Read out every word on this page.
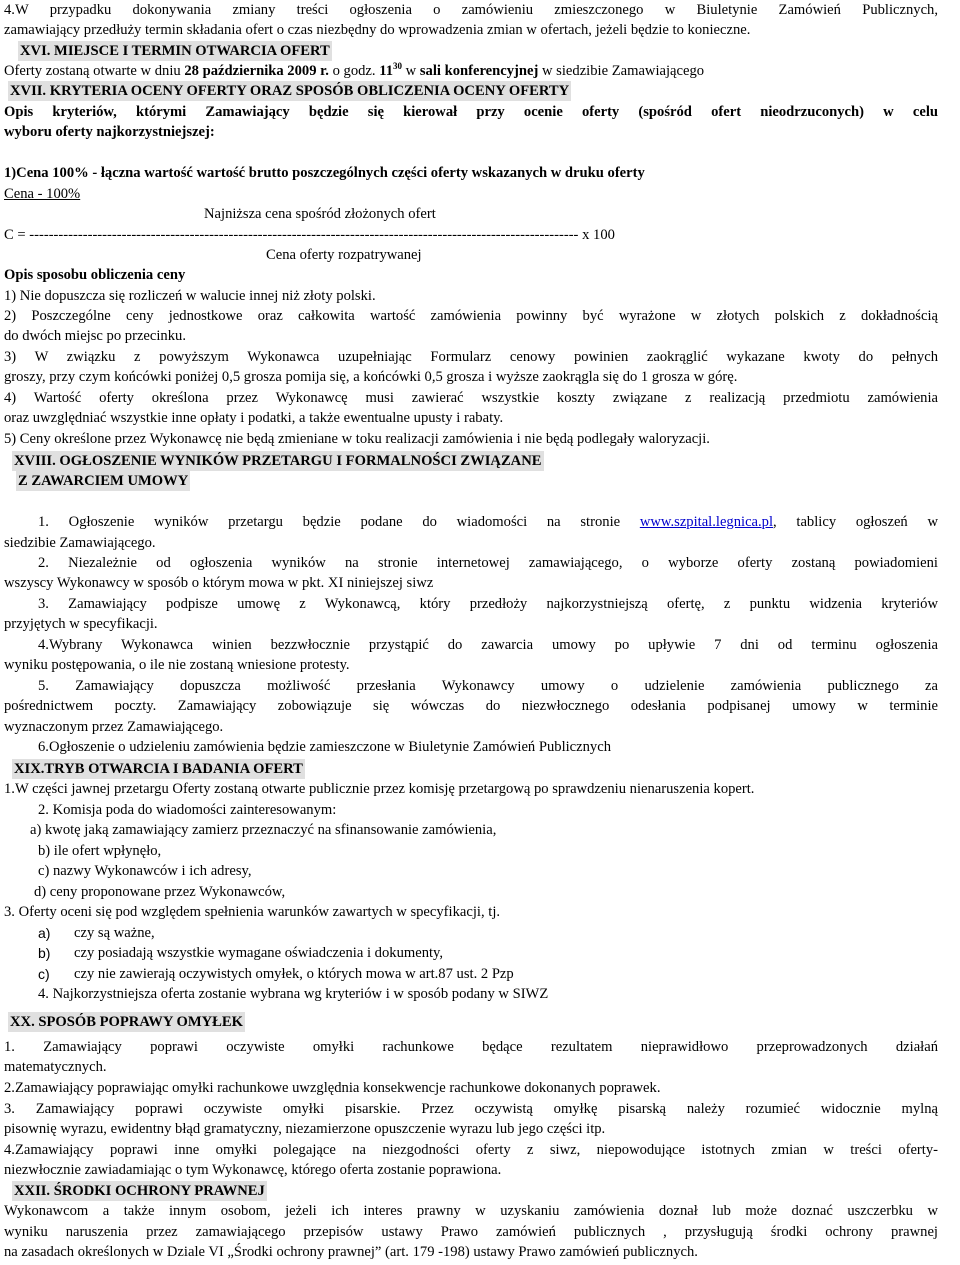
4.W przypadku dokonywania zmiany treści ogłoszenia o zamówieniu zmieszczonego w Biuletynie Zamówień Publicznych,
zamawiający przedłuży termin składania ofert o czas niezbędny do wprowadzenia zmian w ofertach, jeżeli będzie to konieczne.
XVI. MIEJSCE I TERMIN OTWARCIA OFERT
Oferty zostaną otwarte w dniu 28 października 2009 r. o godz. $11^{30}$ w sali konferencyjnej w siedzibie Zamawiającego
XVII. KRYTERIA OCENY OFERTY ORAZ SPOSÓB OBLICZENIA OCENY OFERTY
Opis kryteriów, którymi Zamawiający będzie się kierował przy ocenie oferty (spośród ofert nieodrzuconych) w celu
wyboru oferty najkorzystniejszej:
1)Cena 100% - łączna wartość wartość brutto poszczególnych części oferty wskazanych w druku oferty
Cena - 100%
Najniższa cena spośród złożonych ofert
C = ----------------------------------------------------------------------------------------------------------------- x 100
Cena oferty rozpatrywanej
Opis sposobu obliczenia ceny
1) Nie dopuszcza się rozliczeń w walucie innej niż złoty polski.
2) Poszczególne ceny jednostkowe oraz całkowita wartość zamówienia powinny być wyrażone w złotych polskich z dokładnością
do dwóch miejsc po przecinku.
3) W związku z powyższym Wykonawca uzupełniając Formularz cenowy powinien zaokrąglić wykazane kwoty do pełnych
groszy, przy czym końcówki poniżej 0,5 grosza pomija się, a końcówki 0,5 grosza i wyższe zaokrągla się do 1 grosza w górę.
4) Wartość oferty określona przez Wykonawcę musi zawierać wszystkie koszty związane z realizacją przedmiotu zamówienia
oraz uwzględniać wszystkie inne opłaty i podatki, a także ewentualne upusty i rabaty.
5) Ceny określone przez Wykonawcę nie będą zmieniane w toku realizacji zamówienia i nie będą podlegały waloryzacji.
XVIII. OGŁOSZENIE WYNIKÓW PRZETARGU I FORMALNOŚCI ZWIĄZANE
Z ZAWARCIEM UMOWY
1. Ogłoszenie wyników przetargu będzie podane do wiadomości na stronie www.szpital.legnica.pl, tablicy ogłoszeń w
siedzibie Zamawiającego.
2. Niezależnie od ogłoszenia wyników na stronie internetowej zamawiającego, o wyborze oferty zostaną powiadomieni
wszyscy Wykonawcy w sposób o którym mowa w pkt. XI niniejszej siwz
3. Zamawiający podpisze umowę z Wykonawcą, który przedłoży najkorzystniejszą ofertę, z punktu widzenia kryteriów
przyjętych w specyfikacji.
4.Wybrany Wykonawca winien bezzwłocznie przystąpić do zawarcia umowy po upływie 7 dni od terminu ogłoszenia
wyniku postępowania, o ile nie zostaną wniesione protesty.
5. Zamawiający dopuszcza możliwość przesłania Wykonawcy umowy o udzielenie zamówienia publicznego za
pośrednictwem poczty. Zamawiający zobowiązuje się wówczas do niezwłocznego odesłania podpisanej umowy w terminie
wyznaczonym przez Zamawiającego.
6.Ogłoszenie o udzieleniu zamówienia będzie zamieszczone w Biuletynie Zamówień Publicznych
XIX.TRYB OTWARCIA I BADANIA OFERT
1.W części jawnej przetargu Oferty zostaną otwarte publicznie przez komisję przetargową po sprawdzeniu nienaruszenia kopert.
2. Komisja poda do wiadomości zainteresowanym:
a) kwotę jaką zamawiający zamierz przeznaczyć na sfinansowanie zamówienia,
b) ile ofert wpłynęło,
c) nazwy Wykonawców i ich adresy,
d) ceny proponowane przez Wykonawców,
3. Oferty oceni się pod względem spełnienia warunków zawartych w specyfikacji, tj.
a) czy są ważne,
b) czy posiadają wszystkie wymagane oświadczenia i dokumenty,
c) czy nie zawierają oczywistych omyłek, o których mowa w art.87 ust. 2 Pzp
4. Najkorzystniejsza oferta zostanie wybrana wg kryteriów i w sposób podany w SIWZ
XX. SPOSÓB POPRAWY OMYŁEK
1. Zamawiający poprawi oczywiste omyłki rachunkowe będące rezultatem nieprawidłowo przeprowadzonych działań
matematycznych.
2.Zamawiający poprawiając omyłki rachunkowe uwzględnia konsekwencje rachunkowe dokonanych poprawek.
3. Zamawiający poprawi oczywiste omyłki pisarskie. Przez oczywistą omyłkę pisarską należy rozumieć widocznie mylną
pisownię wyrazu, ewidentny błąd gramatyczny, niezamierzone opuszczenie wyrazu lub jego części itp.
4.Zamawiający poprawi inne omyłki polegające na niezgodności oferty z siwz, niepowodujące istotnych zmian w treści oferty-
niezwłocznie zawiadamiając o tym Wykonawcę, którego oferta zostanie poprawiona.
XXII. ŚRODKI OCHRONY PRAWNEJ
Wykonawcom a także innym osobom, jeżeli ich interes prawny w uzyskaniu zamówienia doznał lub może doznać uszczerbku w
wyniku naruszenia przez zamawiającego przepisów ustawy Prawo zamówień publicznych , przysługują środki ochrony prawnej
na zasadach określonych w Dziale VI „Środki ochrony prawnej” (art. 179 -198) ustawy Prawo zamówień publicznych.
